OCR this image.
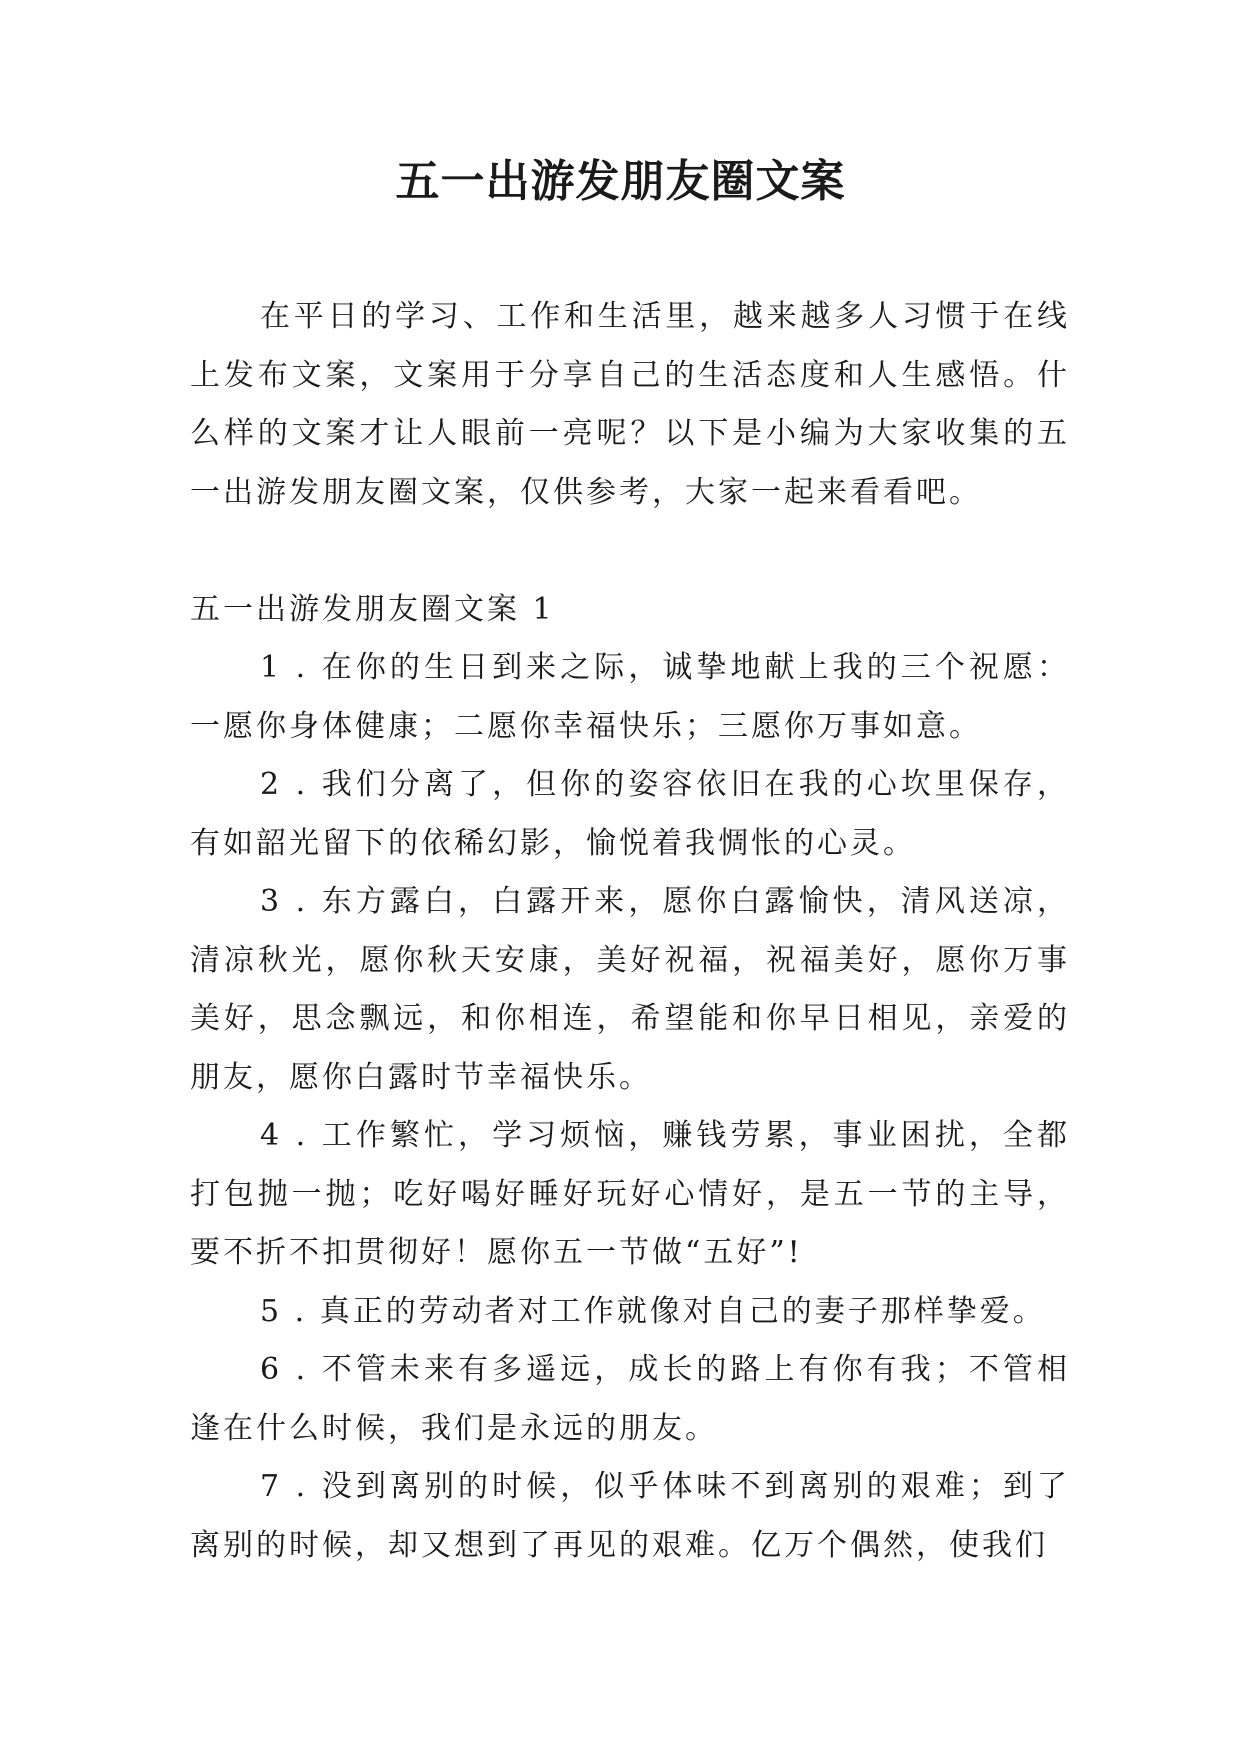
五一出游发朋友圈文案

在平日的学习、工作和生活里，越来越多人习惯于在线上发布文案，文案用于分享自己的生活态度和人生感悟。什么样的文案才让人眼前一亮呢？以下是小编为大家收集的五一出游发朋友圈文案，仅供参考，大家一起来看看吧。

五一出游发朋友圈文案 1

1 . 在你的生日到来之际，诚挚地献上我的三个祝愿：一愿你身体健康；二愿你幸福快乐；三愿你万事如意。

2 . 我们分离了，但你的姿容依旧在我的心坎里保存，有如韶光留下的依稀幻影，愉悦着我惆怅的心灵。

3 . 东方露白，白露开来，愿你白露愉快，清风送凉，清凉秋光，愿你秋天安康，美好祝福，祝福美好，愿你万事美好，思念飘远，和你相连，希望能和你早日相见，亲爱的朋友，愿你白露时节幸福快乐。

4 . 工作繁忙，学习烦恼，赚钱劳累，事业困扰，全都打包抛一抛；吃好喝好睡好玩好心情好，是五一节的主导，要不折不扣贯彻好！愿你五一节做“五好”!

5 . 真正的劳动者对工作就像对自己的妻子那样挚爱。

6 . 不管未来有多遥远，成长的路上有你有我；不管相逢在什么时候，我们是永远的朋友。

7 . 没到离别的时候，似乎体味不到离别的艰难；到了离别的时候，却又想到了再见的艰难。亿万个偶然，使我们
